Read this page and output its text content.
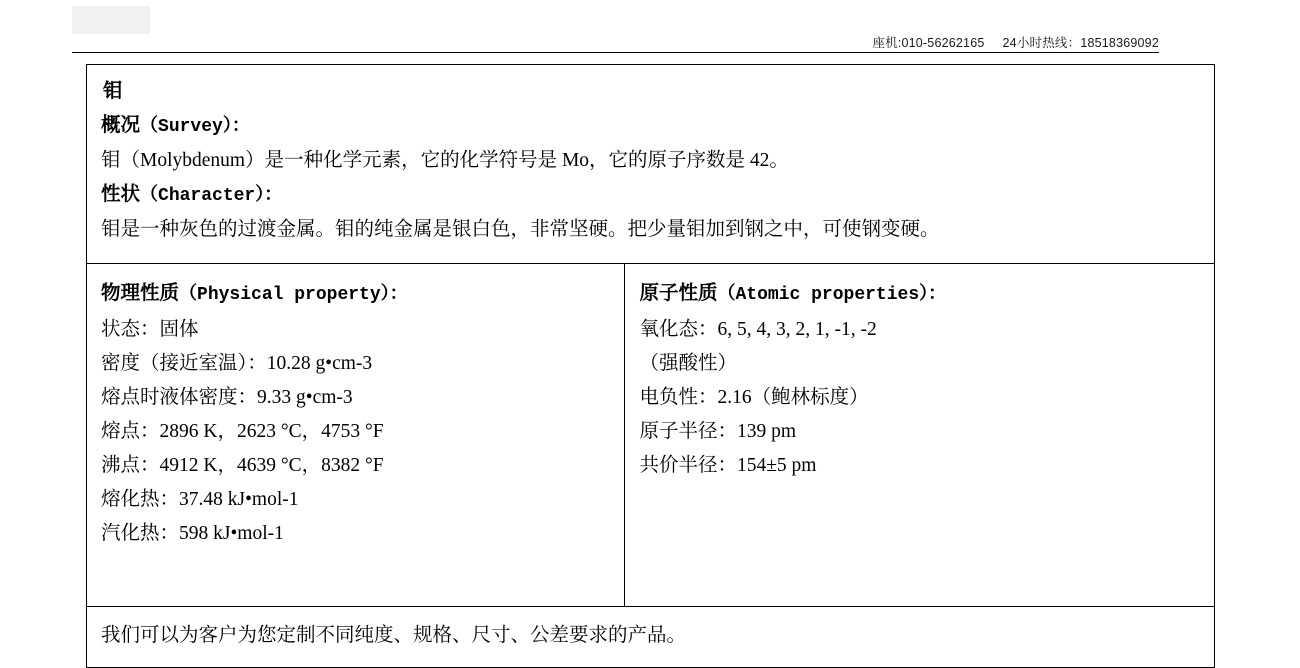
座机:010-56262165 24小时热线：18518369092
钼
概况（Survey）：
钼（Molybdenum）是一种化学元素，它的化学符号是 Mo，它的原子序数是 42。
性状（Character）：
钼是一种灰色的过渡金属。钼的纯金属是银白色，非常坚硬。把少量钼加到钢之中，可使钢变硬。

物理性质（Physical property）：
状态：固体
密度（接近室温）：10.28 g•cm-3
熔点时液体密度：9.33 g•cm-3
熔点：2896 K，2623 °C，4753 °F
沸点：4912 K，4639 °C，8382 °F
熔化热：37.48 kJ•mol-1
汽化热：598 kJ•mol-1

原子性质（Atomic properties）：
氧化态：6, 5, 4, 3, 2, 1, -1, -2
（强酸性）
电负性：2.16（鲍林标度）
原子半径：139 pm
共价半径：154±5 pm

我们可以为客户为您定制不同纯度、规格、尺寸、公差要求的产品。
